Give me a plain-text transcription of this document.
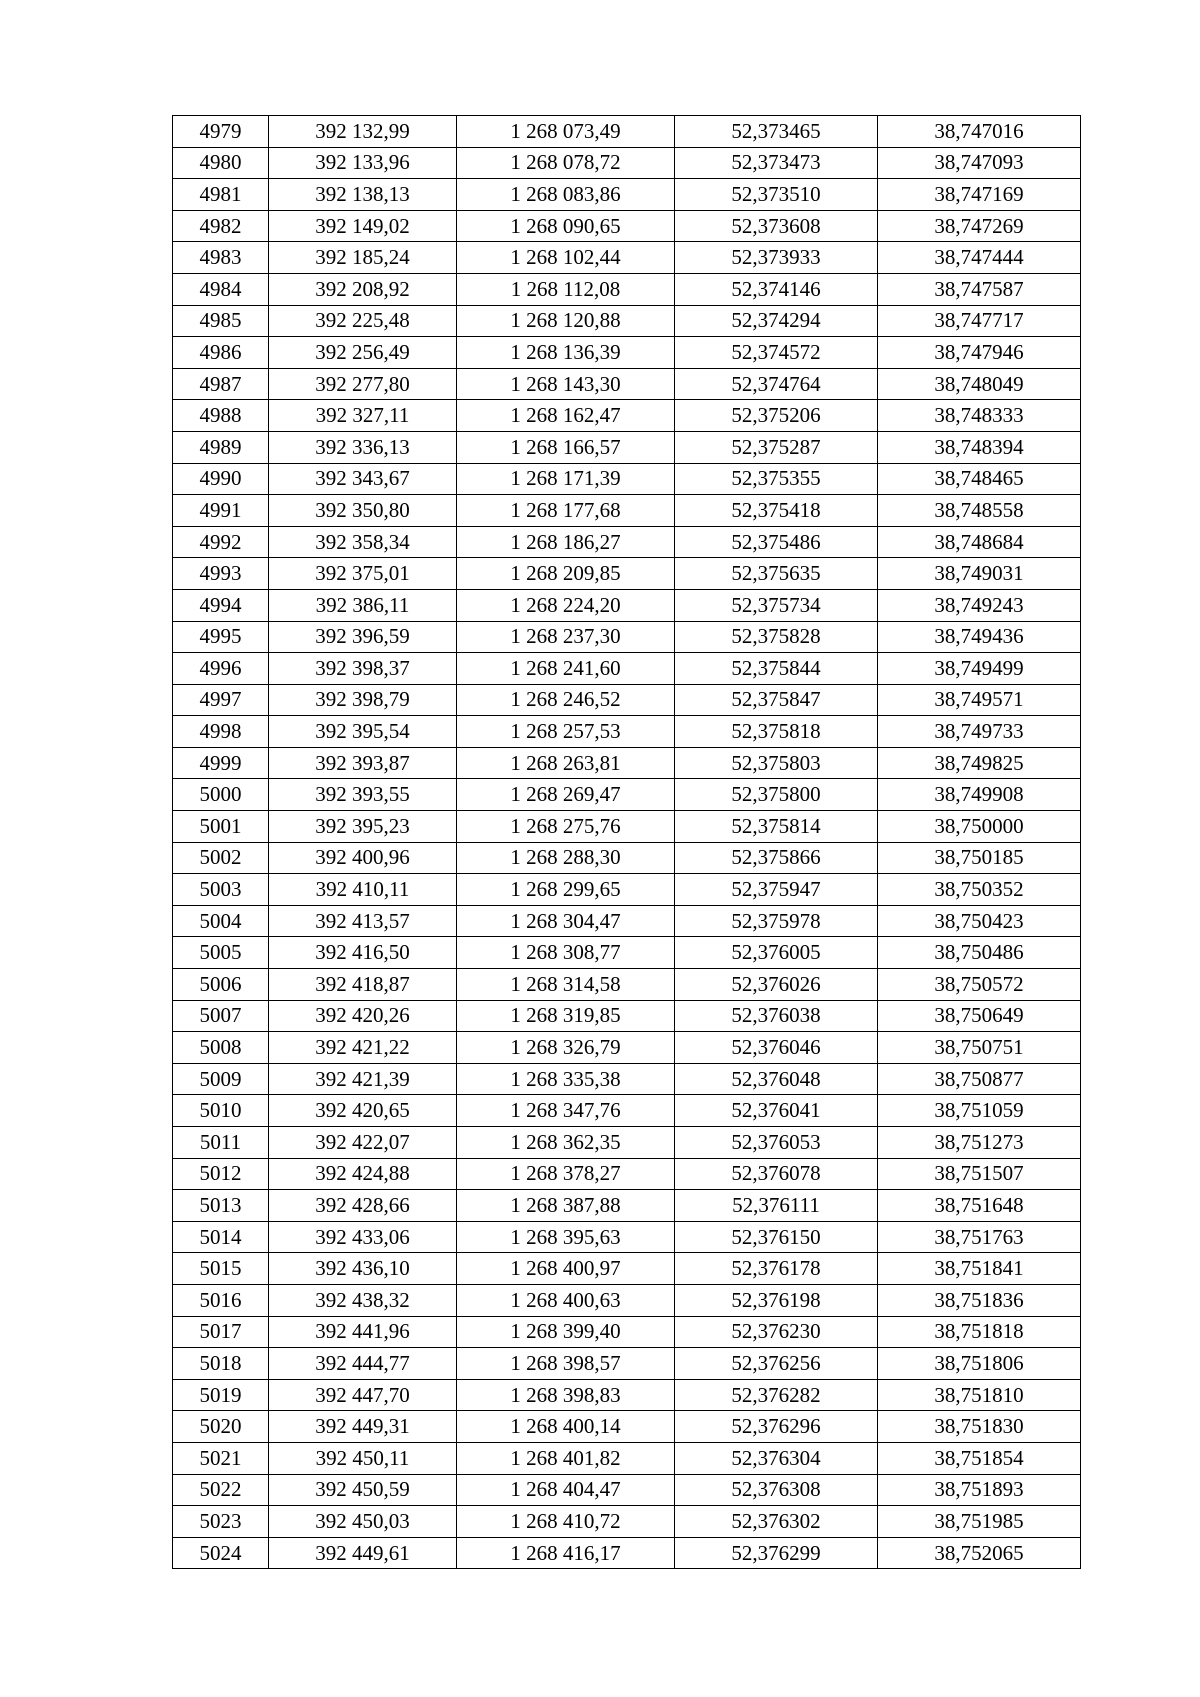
4979	392 132,99	1 268 073,49	52,373465	38,747016
4980	392 133,96	1 268 078,72	52,373473	38,747093
4981	392 138,13	1 268 083,86	52,373510	38,747169
4982	392 149,02	1 268 090,65	52,373608	38,747269
4983	392 185,24	1 268 102,44	52,373933	38,747444
4984	392 208,92	1 268 112,08	52,374146	38,747587
4985	392 225,48	1 268 120,88	52,374294	38,747717
4986	392 256,49	1 268 136,39	52,374572	38,747946
4987	392 277,80	1 268 143,30	52,374764	38,748049
4988	392 327,11	1 268 162,47	52,375206	38,748333
4989	392 336,13	1 268 166,57	52,375287	38,748394
4990	392 343,67	1 268 171,39	52,375355	38,748465
4991	392 350,80	1 268 177,68	52,375418	38,748558
4992	392 358,34	1 268 186,27	52,375486	38,748684
4993	392 375,01	1 268 209,85	52,375635	38,749031
4994	392 386,11	1 268 224,20	52,375734	38,749243
4995	392 396,59	1 268 237,30	52,375828	38,749436
4996	392 398,37	1 268 241,60	52,375844	38,749499
4997	392 398,79	1 268 246,52	52,375847	38,749571
4998	392 395,54	1 268 257,53	52,375818	38,749733
4999	392 393,87	1 268 263,81	52,375803	38,749825
5000	392 393,55	1 268 269,47	52,375800	38,749908
5001	392 395,23	1 268 275,76	52,375814	38,750000
5002	392 400,96	1 268 288,30	52,375866	38,750185
5003	392 410,11	1 268 299,65	52,375947	38,750352
5004	392 413,57	1 268 304,47	52,375978	38,750423
5005	392 416,50	1 268 308,77	52,376005	38,750486
5006	392 418,87	1 268 314,58	52,376026	38,750572
5007	392 420,26	1 268 319,85	52,376038	38,750649
5008	392 421,22	1 268 326,79	52,376046	38,750751
5009	392 421,39	1 268 335,38	52,376048	38,750877
5010	392 420,65	1 268 347,76	52,376041	38,751059
5011	392 422,07	1 268 362,35	52,376053	38,751273
5012	392 424,88	1 268 378,27	52,376078	38,751507
5013	392 428,66	1 268 387,88	52,376111	38,751648
5014	392 433,06	1 268 395,63	52,376150	38,751763
5015	392 436,10	1 268 400,97	52,376178	38,751841
5016	392 438,32	1 268 400,63	52,376198	38,751836
5017	392 441,96	1 268 399,40	52,376230	38,751818
5018	392 444,77	1 268 398,57	52,376256	38,751806
5019	392 447,70	1 268 398,83	52,376282	38,751810
5020	392 449,31	1 268 400,14	52,376296	38,751830
5021	392 450,11	1 268 401,82	52,376304	38,751854
5022	392 450,59	1 268 404,47	52,376308	38,751893
5023	392 450,03	1 268 410,72	52,376302	38,751985
5024	392 449,61	1 268 416,17	52,376299	38,752065
